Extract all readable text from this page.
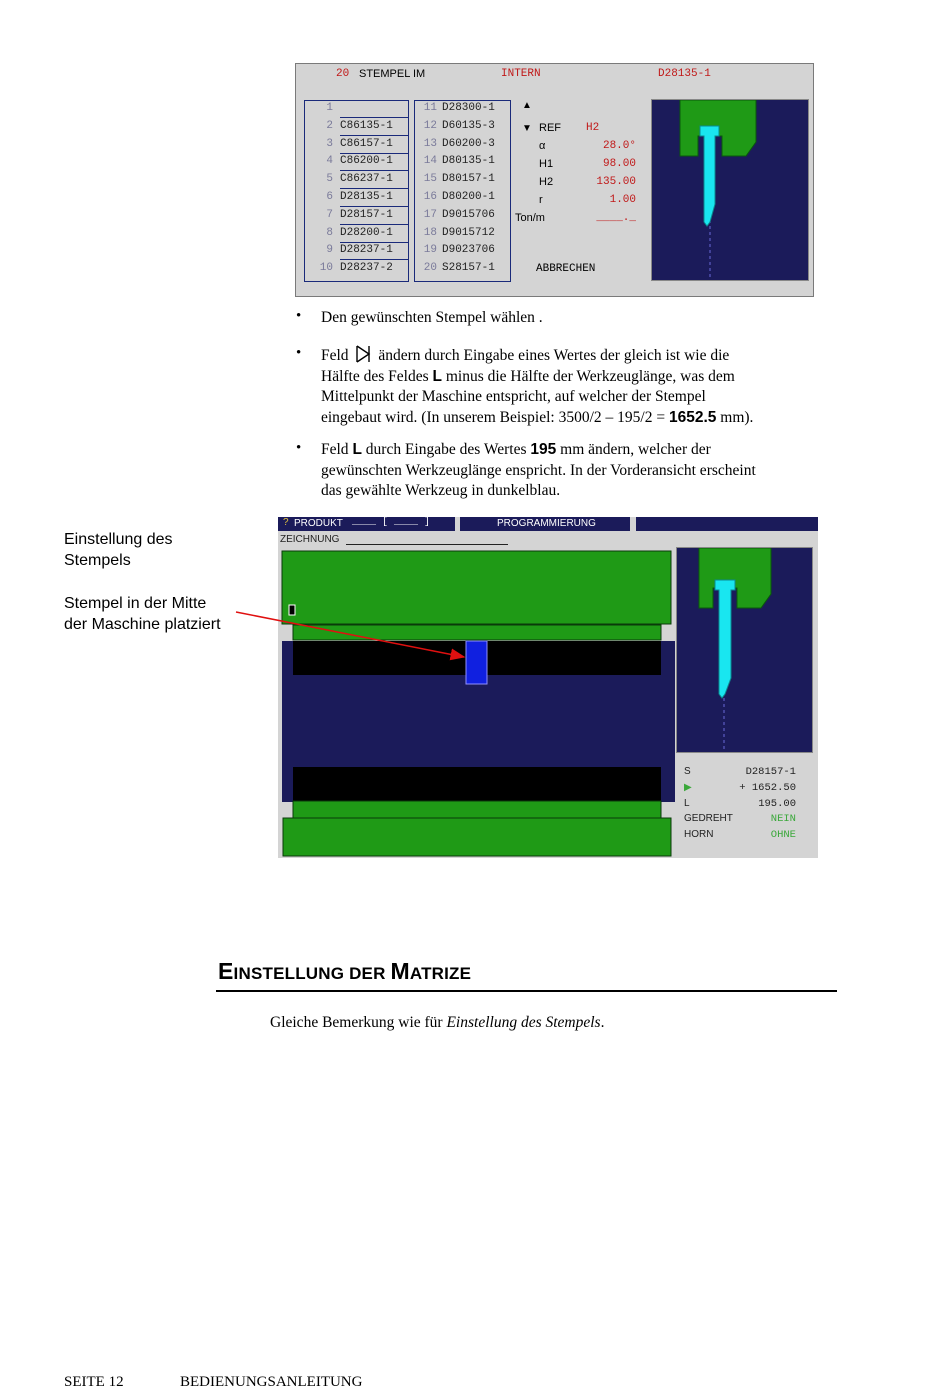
20 STEMPEL IM	INTERN	D28135-1
1
2 C86135-1
3 C86157-1
4 C86200-1
5 C86237-1
6 D28135-1
7 D28157-1
8 D28200-1
9 D28237-1
10 D28237-2
11 D28300-1
12 D60135-3
13 D60200-3
14 D80135-1
15 D80157-1
16 D80200-1
17 D9015706
18 D9015712
19 D9023706
20 S28157-1
▲
REF H2
α	28.0°
H1	98.00
H2	135.00
r	1.00
Ton/m	____._
▼
ABBRECHEN
• Den gewünschten Stempel wählen .
• Feld ändern durch Eingabe eines Wertes der gleich ist wie die
Hälfte des Feldes L minus die Hälfte der Werkzeuglänge, was dem
Mittelpunkt der Maschine entspricht, auf welcher der Stempel
eingebaut wird. (In unserem Beispiel: 3500/2 – 195/2 = 1652.5 mm).
• Feld L durch Eingabe des Wertes 195 mm ändern, welcher der
gewünschten Werkzeuglänge enspricht. In der Vorderansicht erscheint
das gewählte Werkzeug in dunkelblau.
Einstellung des
Stempels
Stempel in der Mitte
der Maschine platziert
? PRODUKT ____ [ ____ ]	PROGRAMMIERUNG
ZEICHNUNG
S	D28157-1
▶	+ 1652.50
L	195.00
GEDREHT	NEIN
HORN	OHNE
EINSTELLUNG DER MATRIZE
Gleiche Bemerkung wie für Einstellung des Stempels.
SEITE 12	BEDIENUNGSANLEITUNG
